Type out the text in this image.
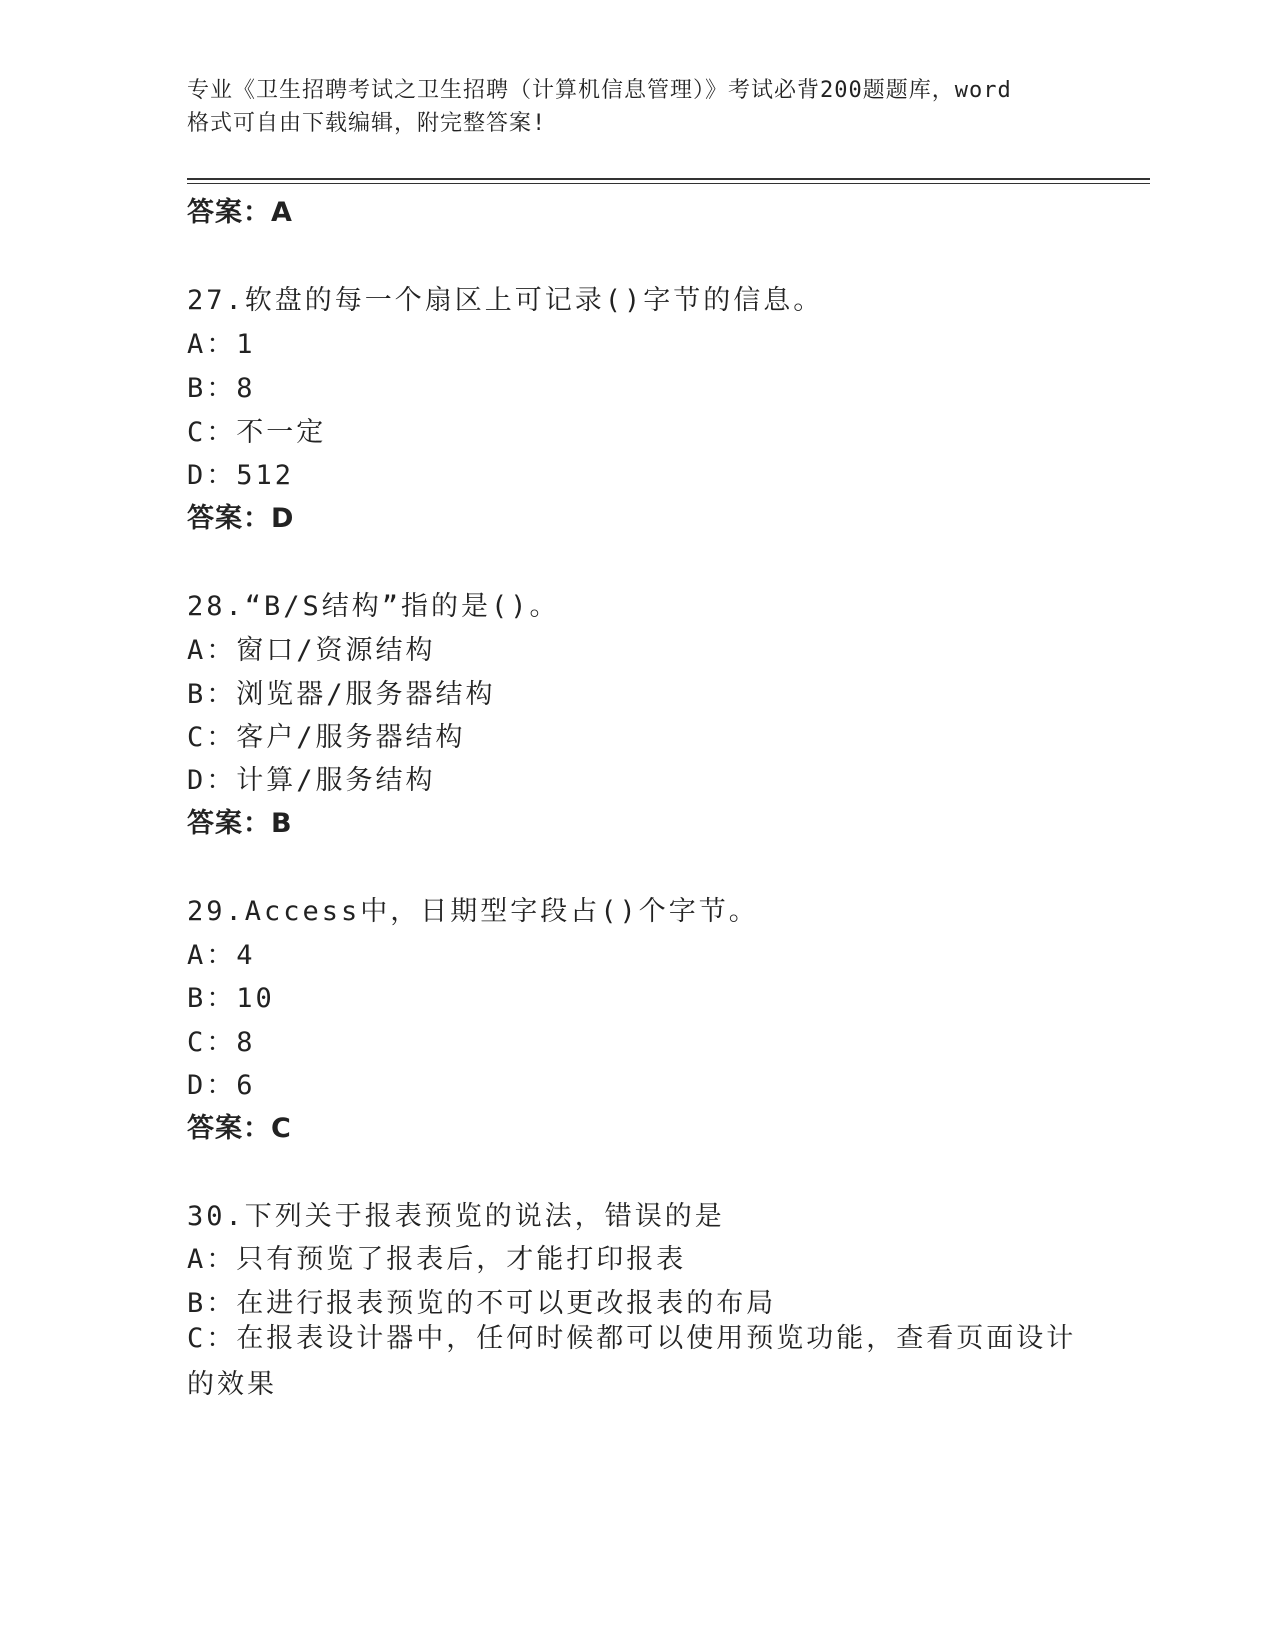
专业《卫生招聘考试之卫生招聘（计算机信息管理）》考试必背200题题库，word
格式可自由下载编辑，附完整答案!
答案：A
27.软盘的每一个扇区上可记录()字节的信息。
A：1
B：8
C：不一定
D：512
答案：D
28.“B/S结构”指的是()。
A：窗口/资源结构
B：浏览器/服务器结构
C：客户/服务器结构
D：计算/服务结构
答案：B
29.Access中，日期型字段占()个字节。
A：4
B：10
C：8
D：6
答案：C
30.下列关于报表预览的说法，错误的是
A：只有预览了报表后，才能打印报表
B：在进行报表预览的不可以更改报表的布局
C：在报表设计器中，任何时候都可以使用预览功能，查看页面设计的效果
